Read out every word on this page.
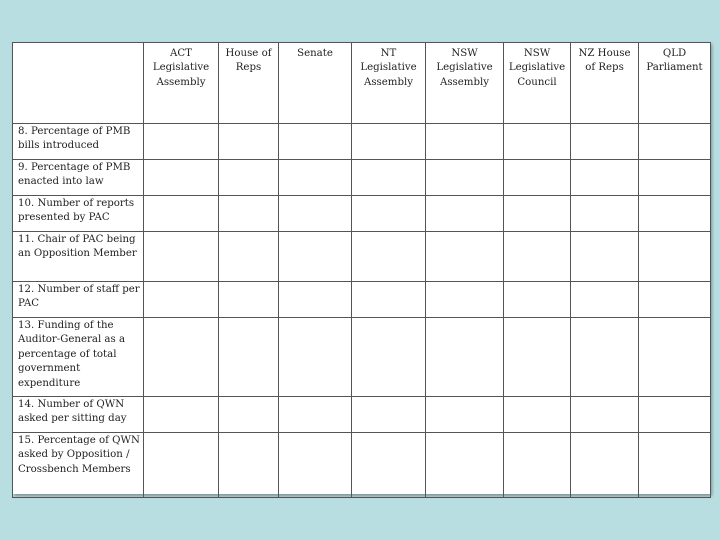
	ACT Legislative Assembly	House of Reps	Senate	NT Legislative Assembly	NSW Legislative Assembly	NSW Legislative Council	NZ House of Reps	QLD Parliament
8. Percentage of PMB bills introduced								
9. Percentage of PMB enacted into law								
10. Number of reports presented by PAC								
11. Chair of PAC being an Opposition Member								
12. Number of staff per PAC								
13. Funding of the Auditor-General as a percentage of total government expenditure								
14. Number of QWN asked per sitting day								
15. Percentage of QWN asked by Opposition / Crossbench Members								
